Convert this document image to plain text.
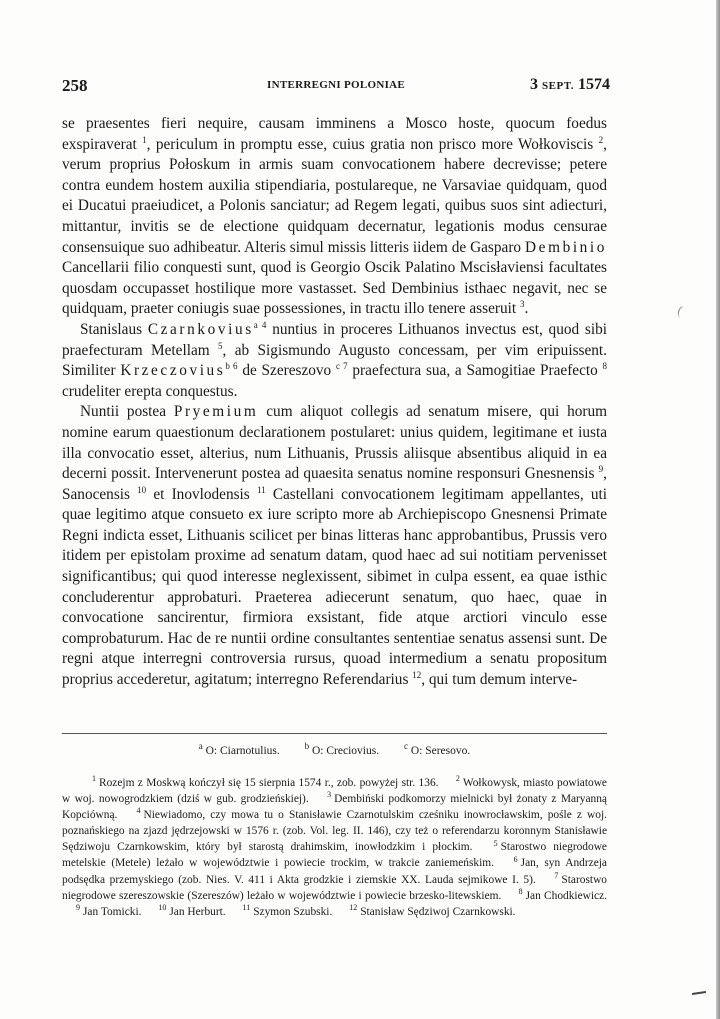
258	INTERREGNI POLONIAE	3 SEPT. 1574

se praesentes fieri nequire, causam imminens a Mosco hoste, quocum foedus exspiraverat $^1$, periculum in promptu esse, cuius gratia non prisco more Wołkoviscis $^2$, verum proprius Połoskum in armis suam convocationem habere decrevisse; petere contra eundem hostem auxilia stipendiaria, postulareque, ne Varsaviae quidquam, quod ei Ducatui praeiudicet, a Polonis sanciatur; ad Regem legati, quibus suos sint adiecturi, mittantur, invitis se de electione quidquam decernatur, legationis modus censurae consensuique suo adhibeatur. Alteris simul missis litteris iidem de Gasparo Dembinio Cancellarii filio conquesti sunt, quod is Georgio Oscik Palatino Mscisłaviensi facultates quosdam occupasset hostilique more vastasset. Sed Dembinius isthaec negavit, nec se quidquam, praeter coniugis suae possessiones, in tractu illo tenere asseruit $^3$.

Stanislaus Czarnkovius$^{a 4}$ nuntius in proceres Lithuanos invectus est, quod sibi praefecturam Metellam $^5$, ab Sigismundo Augusto concessam, per vim eripuissent. Similiter Krzeczovius$^{b 6}$ de Szereszovo $^{c 7}$ praefectura sua, a Samogitiae Praefecto $^8$ crudeliter erepta conquestus.

Nuntii postea Pryemium cum aliquot collegis ad senatum misere, qui horum nomine earum quaestionum declarationem postularet: unius quidem, legitimane et iusta illa convocatio esset, alterius, num Lithuanis, Prussis aliisque absentibus aliquid in ea decerni possit. Intervenerunt postea ad quaesita senatus nomine responsuri Gnesnensis $^9$, Sanocensis $^{10}$ et Inovlodensis $^{11}$ Castellani convocationem legitimam appellantes, uti quae legitimo atque consueto ex iure scripto more ab Archiepiscopo Gnesnensi Primate Regni indicta esset, Lithuanis scilicet per binas litteras hanc approbantibus, Prussis vero itidem per epistolam proxime ad senatum datam, quod haec ad sui notitiam pervenisset significantibus; qui quod interesse neglexissent, sibimet in culpa essent, ea quae isthic concluderentur approbaturi. Praeterea adiecerunt senatum, quo haec, quae in convocatione sancirentur, firmiora exsistant, fide atque arctiori vinculo esse comprobaturum. Hac de re nuntii ordine consultantes sententiae senatus assensi sunt. De regni atque interregni controversia rursus, quoad intermedium a senatu propositum proprius accederetur, agitatum; interregno Referendarius $^{12}$, qui tum demum interve-

(
$^a$ O: Ciarnotulius.	$^b$ O: Creciovius.	$^c$ O: Seresovo.
$^1$ Rozejm z Moskwą kończył się 15 sierpnia 1574 r., zob. powyżej str. 136. $^2$ Wołkowysk, miasto powiatowe w woj. nowogrodzkiem (dziś w gub. grodzieńskiej). $^3$ Dembiński podkomorzy mielnicki był żonaty z Maryanną Kopciówną. $^4$ Niewiadomo, czy mowa tu o Stanisławie Czarnotulskim cześniku inowrocławskim, pośle z woj. poznańskiego na zjazd jędrzejowski w 1576 r. (zob. Vol. leg. II. 146), czy też o referendarzu koronnym Stanisławie Sędziwoju Czarnkowskim, który był starostą drahimskim, inowłodzkim i płockim.	$^5$ Starostwo niegrodowe metelskie (Metele) leżało w województwie i powiecie trockim, w trakcie zaniemeńskim. $^6$ Jan, syn Andrzeja podsędka przemyskiego (zob. Nies. V. 411 i Akta grodzkie i ziemskie XX. Lauda sejmikowe I. 5). $^7$ Starostwo niegrodowe szereszowskie (Szereszów) leżało w województwie i powiecie brzesko-litewskiem. $^8$ Jan Chodkiewicz. $^9$ Jan Tomicki. $^{10}$ Jan Herburt. $^{11}$ Szymon Szubski. $^{12}$ Stanisław Sędziwoj Czarnkowski.
